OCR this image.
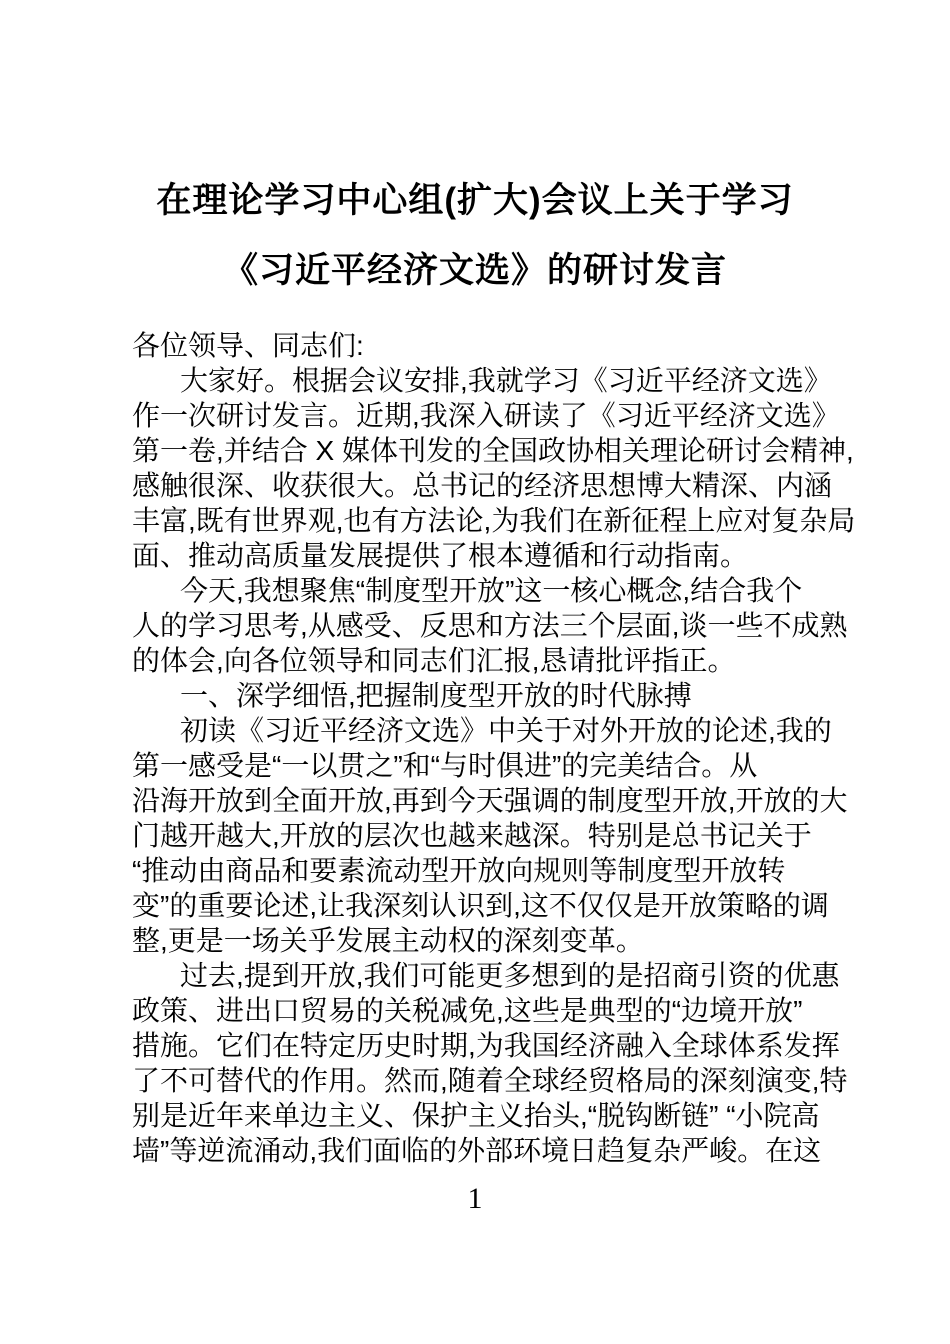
在理论学习中心组(扩大)会议上关于学习
《习近平经济文选》的研讨发言
各位领导、同志们:
大家好。根据会议安排,我就学习《习近平经济文选》
作一次研讨发言。近期,我深入研读了《习近平经济文选》
第一卷,并结合 X 媒体刊发的全国政协相关理论研讨会精神,
感触很深、收获很大。总书记的经济思想博大精深、内涵
丰富,既有世界观,也有方法论,为我们在新征程上应对复杂局
面、推动高质量发展提供了根本遵循和行动指南。
今天,我想聚焦“制度型开放”这一核心概念,结合我个
人的学习思考,从感受、反思和方法三个层面,谈一些不成熟
的体会,向各位领导和同志们汇报,恳请批评指正。
一、深学细悟,把握制度型开放的时代脉搏
初读《习近平经济文选》中关于对外开放的论述,我的
第一感受是“一以贯之”和“与时俱进”的完美结合。从
沿海开放到全面开放,再到今天强调的制度型开放,开放的大
门越开越大,开放的层次也越来越深。特别是总书记关于
“推动由商品和要素流动型开放向规则等制度型开放转
变”的重要论述,让我深刻认识到,这不仅仅是开放策略的调
整,更是一场关乎发展主动权的深刻变革。
过去,提到开放,我们可能更多想到的是招商引资的优惠
政策、进出口贸易的关税减免,这些是典型的“边境开放”
措施。它们在特定历史时期,为我国经济融入全球体系发挥
了不可替代的作用。然而,随着全球经贸格局的深刻演变,特
别是近年来单边主义、保护主义抬头,“脱钩断链” “小院高
墙”等逆流涌动,我们面临的外部环境日趋复杂严峻。在这
1
